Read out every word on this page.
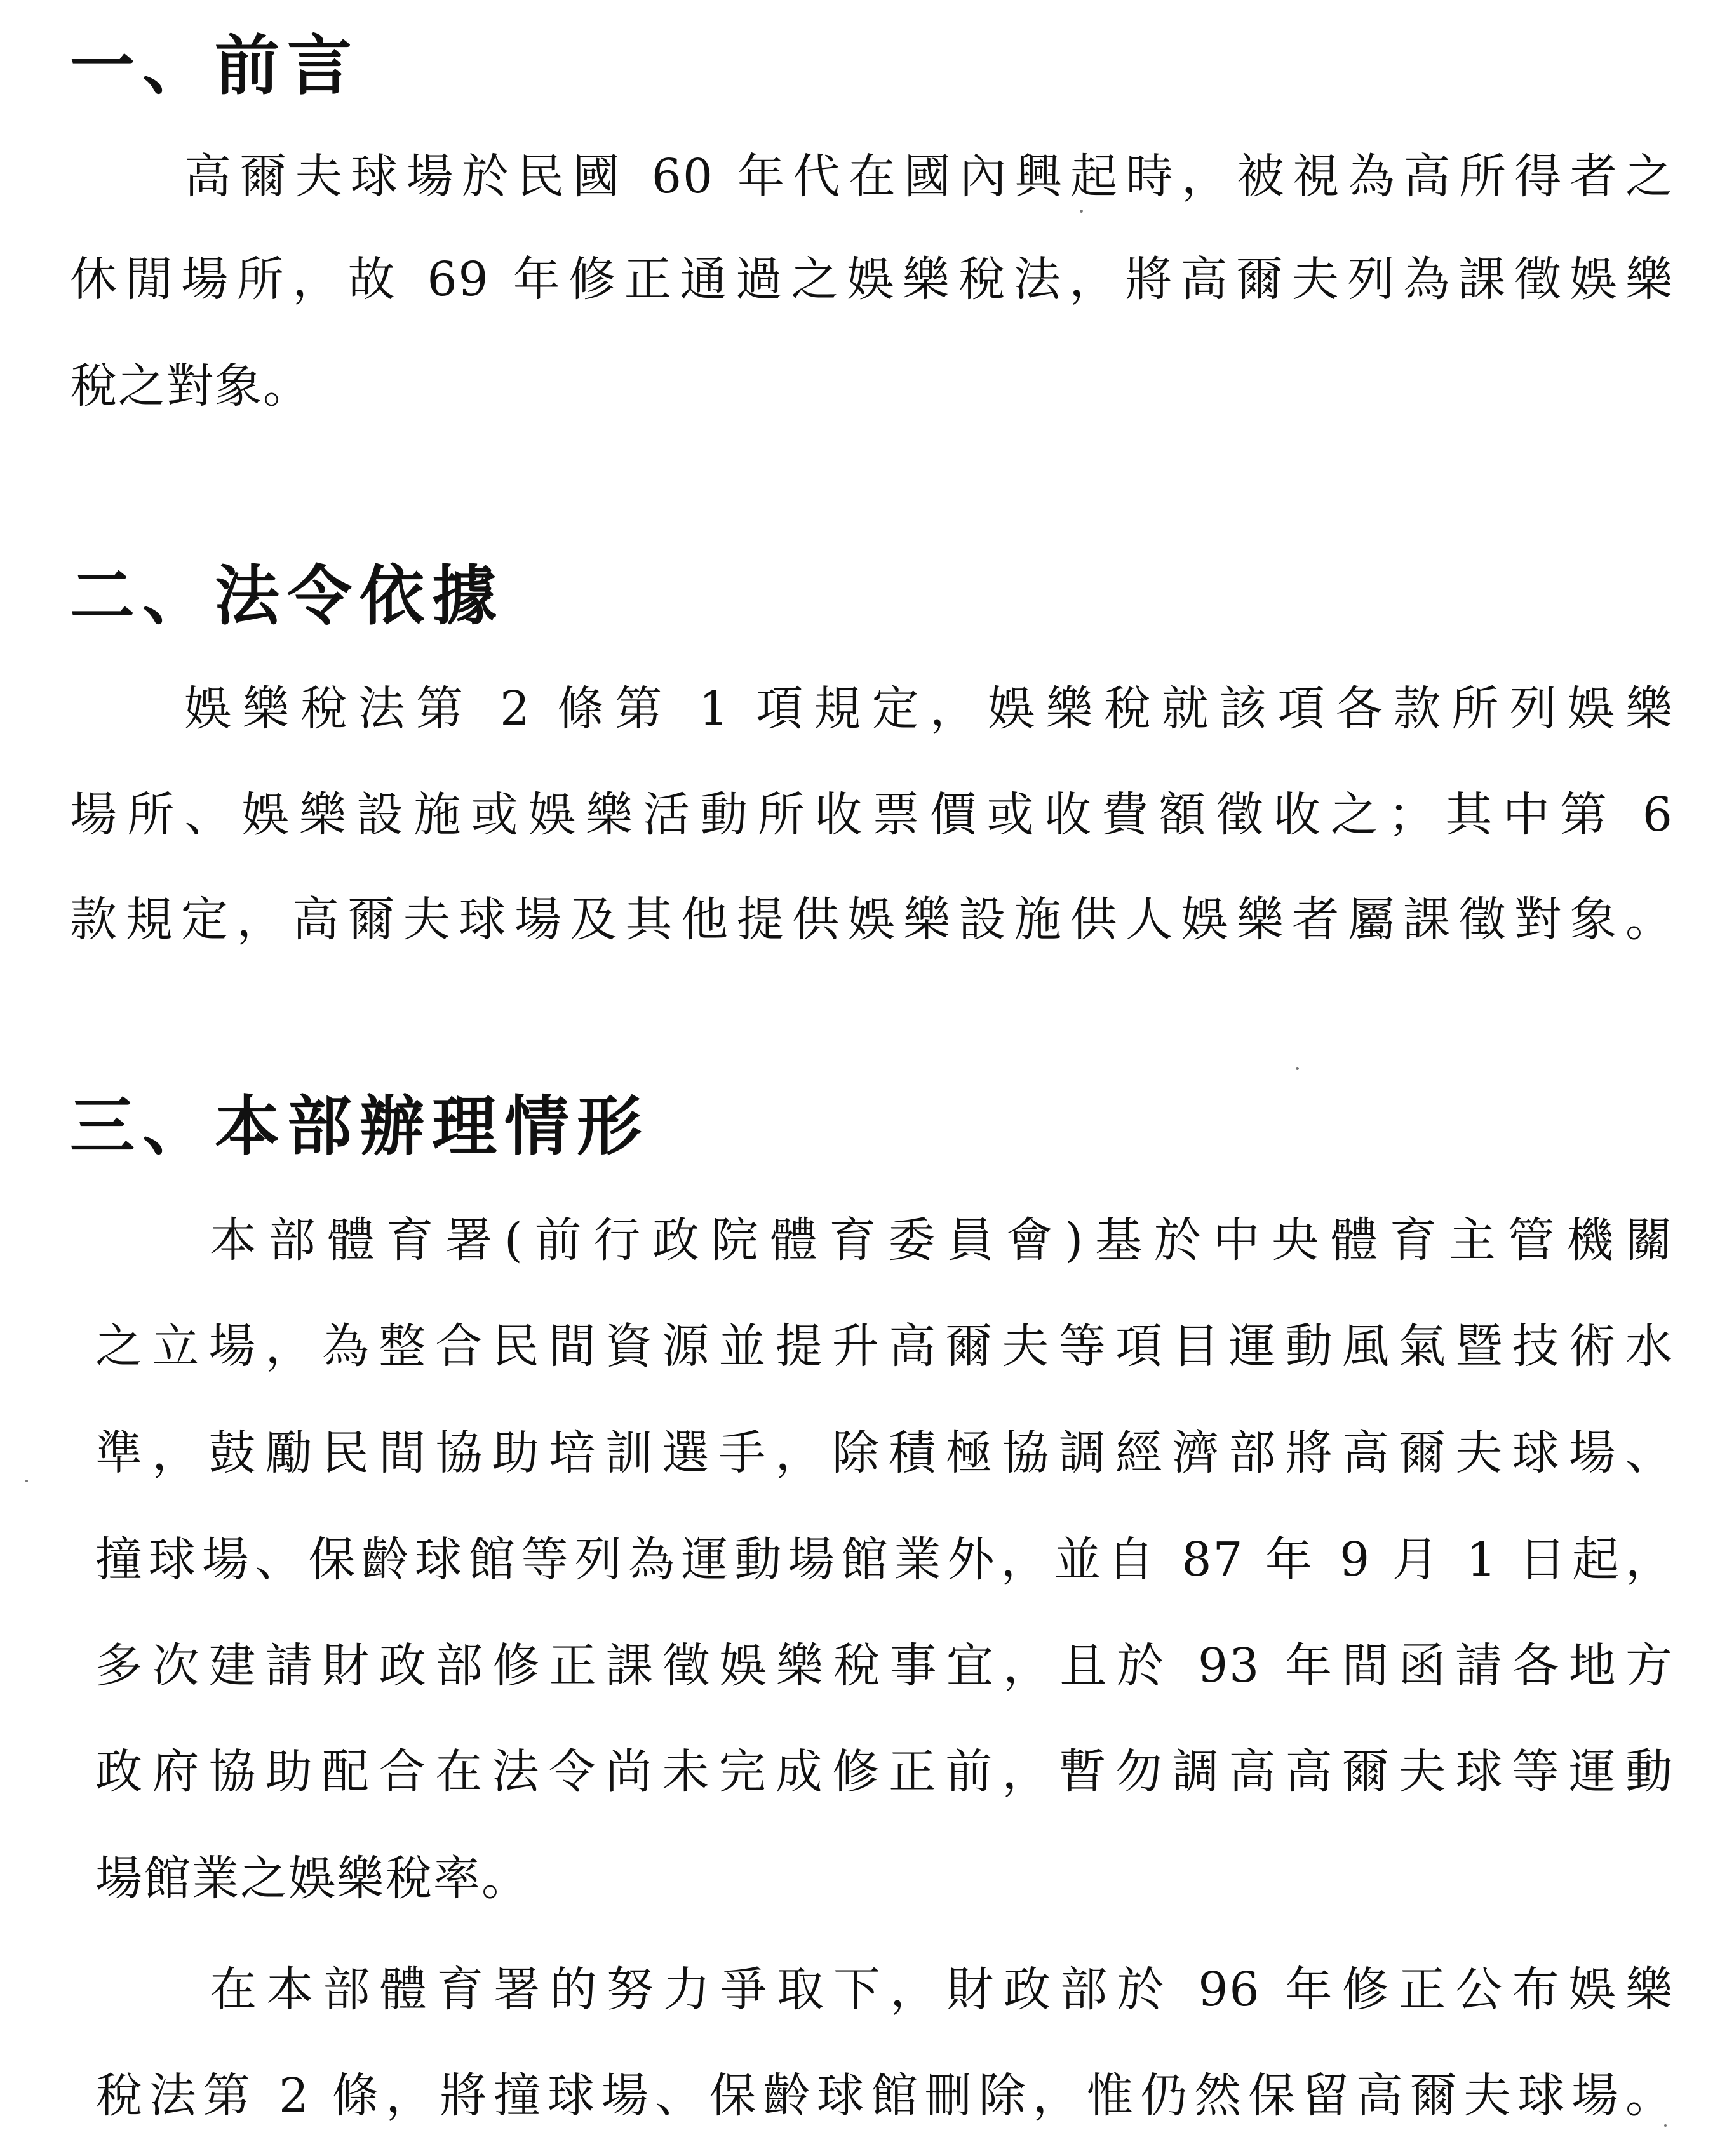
一、前言

高爾夫球場於民國 60 年代在國內興起時，被視為高所得者之

休閒場所，故 69 年修正通過之娛樂稅法，將高爾夫列為課徵娛樂

稅之對象。

二、法令依據

娛樂稅法第 2 條第 1 項規定，娛樂稅就該項各款所列娛樂

場所、娛樂設施或娛樂活動所收票價或收費額徵收之；其中第 6

款規定，高爾夫球場及其他提供娛樂設施供人娛樂者屬課徵對象。

三、本部辦理情形

本部體育署(前行政院體育委員會)基於中央體育主管機關

之立場，為整合民間資源並提升高爾夫等項目運動風氣暨技術水

準，鼓勵民間協助培訓選手，除積極協調經濟部將高爾夫球場、

撞球場、保齡球館等列為運動場館業外，並自 87 年 9 月 1 日起，

多次建請財政部修正課徵娛樂稅事宜，且於 93 年間函請各地方

政府協助配合在法令尚未完成修正前，暫勿調高高爾夫球等運動

場館業之娛樂稅率。

在本部體育署的努力爭取下，財政部於 96 年修正公布娛樂

稅法第 2 條，將撞球場、保齡球館刪除，惟仍然保留高爾夫球場。
